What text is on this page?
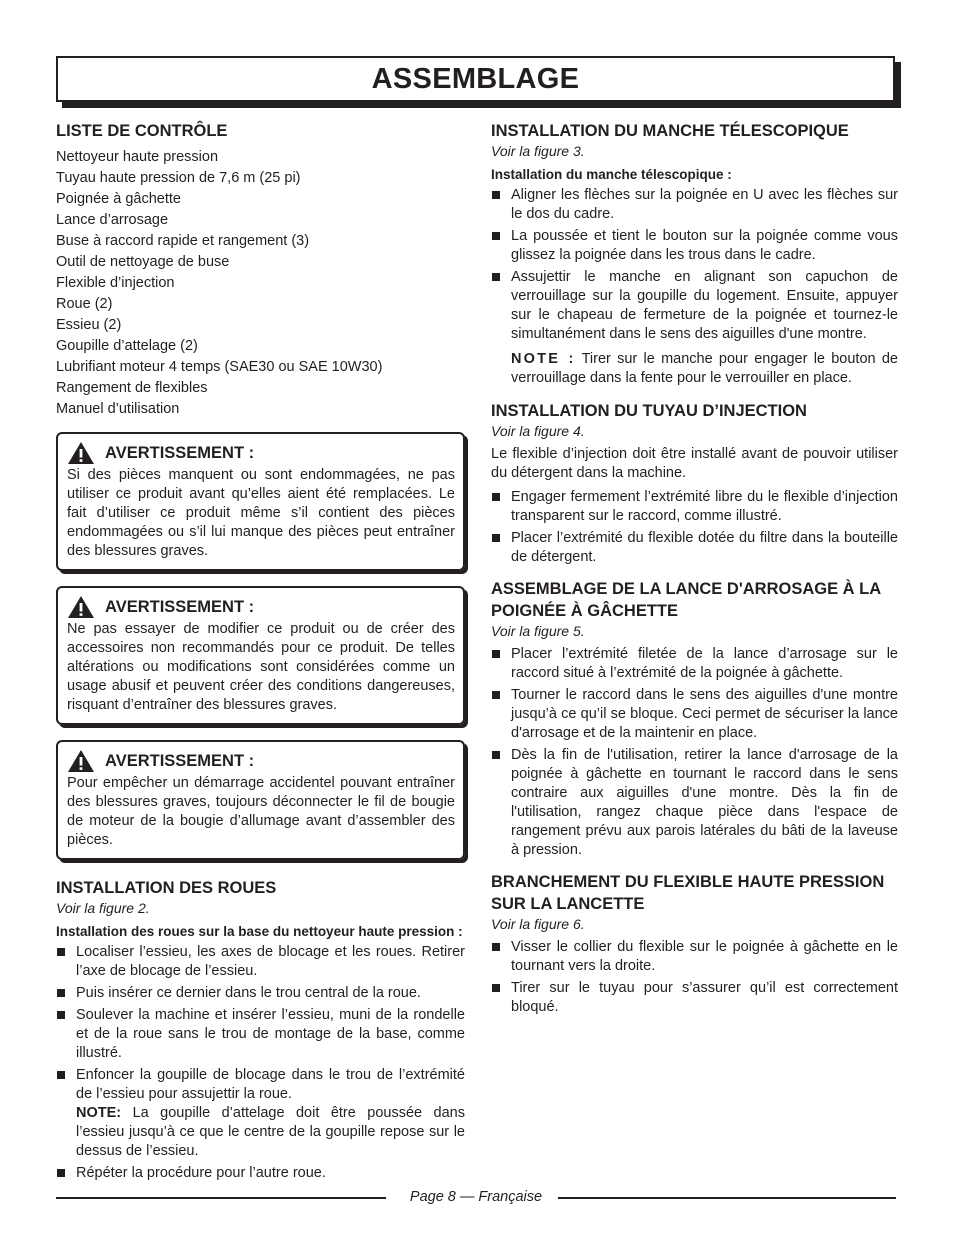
ASSEMBLAGE
LISTE DE CONTRÔLE
Nettoyeur haute pression
Tuyau haute pression de 7,6 m (25 pi)
Poignée à gâchette
Lance d’arrosage
Buse à raccord rapide et rangement (3)
Outil de nettoyage de buse
Flexible d’injection
Roue (2)
Essieu (2)
Goupille d’attelage (2)
Lubrifiant moteur 4 temps (SAE30 ou SAE 10W30)
Rangement de flexibles
Manuel d’utilisation
AVERTISSEMENT :

Si des pièces manquent ou sont endommagées, ne pas utiliser ce produit avant qu’elles aient été remplacées. Le fait d’utiliser ce produit même s’il contient des pièces endommagées ou s’il lui manque des pièces peut entraîner des blessures graves.

AVERTISSEMENT :

Ne pas essayer de modifier ce produit ou de créer des accessoires non recommandés pour ce produit. De telles altérations ou modifications sont considérées comme un usage abusif et peuvent créer des conditions dangereuses, risquant d’entraîner des blessures graves.

AVERTISSEMENT :

Pour empêcher un démarrage accidentel pouvant entraîner des blessures graves, toujours déconnecter le fil de bougie de moteur de la bougie d’allumage avant d’assembler des pièces.

INSTALLATION DES ROUES

Voir la figure 2.

Installation des roues sur la base du nettoyeur haute pression :

Localiser l’essieu, les axes de blocage et les roues. Retirer l’axe de blocage de l’essieu.
Puis insérer ce dernier dans le trou central de la roue.
Soulever la machine et insérer l’essieu, muni de la rondelle et de la roue sans le trou de montage de la base, comme illustré.
Enfoncer la goupille de blocage dans le trou de l’extrémité de l’essieu pour assujettir la roue.
NOTE: La goupille d’attelage doit être poussée dans l’essieu jusqu’à ce que le centre de la goupille repose sur le dessus de l’essieu.
Répéter la procédure pour l’autre roue.
INSTALLATION DU MANCHE TÉLESCOPIQUE

Voir la figure 3.

Installation du manche télescopique :

Aligner les flèches sur la poignée en U avec les flèches sur le dos du cadre.
La poussée et tient le bouton sur la poignée comme vous glissez la poignée dans les trous dans le cadre.
Assujettir le manche en alignant son capuchon de verrouillage sur la goupille du logement. Ensuite, appuyer sur le chapeau de fermeture de la poignée et tournez-le simultanément dans le sens des aiguilles d'une montre.
NOTE : Tirer sur le manche pour engager le bouton de verrouillage dans la fente pour le verrouiller en place.
INSTALLATION DU TUYAU D’INJECTION

Voir la figure 4.

Le flexible d’injection doit être installé avant de pouvoir utiliser du détergent dans la machine.

Engager fermement l’extrémité libre du le flexible d’injection transparent sur le raccord, comme illustré.
Placer l’extrémité du flexible dotée du filtre dans la bouteille de détergent.
ASSEMBLAGE DE LA LANCE D'ARROSAGE À LA POIGNÉE À GÂCHETTE

Voir la figure 5.

Placer l’extrémité filetée de la lance d’arrosage sur le raccord situé à l’extrémité de la poignée à gâchette.
Tourner le raccord dans le sens des aiguilles d'une montre jusqu’à ce qu’il se bloque. Ceci permet de sécuriser la lance d'arrosage et de la maintenir en place.
Dès la fin de l'utilisation, retirer la lance d'arrosage de la poignée à gâchette en tournant le raccord dans le sens contraire aux aiguilles d'une montre. Dès la fin de l'utilisation, rangez chaque pièce dans l'espace de rangement prévu aux parois latérales du bâti de la laveuse à pression.
BRANCHEMENT DU FLEXIBLE HAUTE PRESSION SUR LA LANCETTE

Voir la figure 6.

Visser le collier du flexible sur le poignée à gâchette en le tournant vers la droite.
Tirer sur le tuyau pour s’assurer qu’il est correctement bloqué.
Page 8 — Française
